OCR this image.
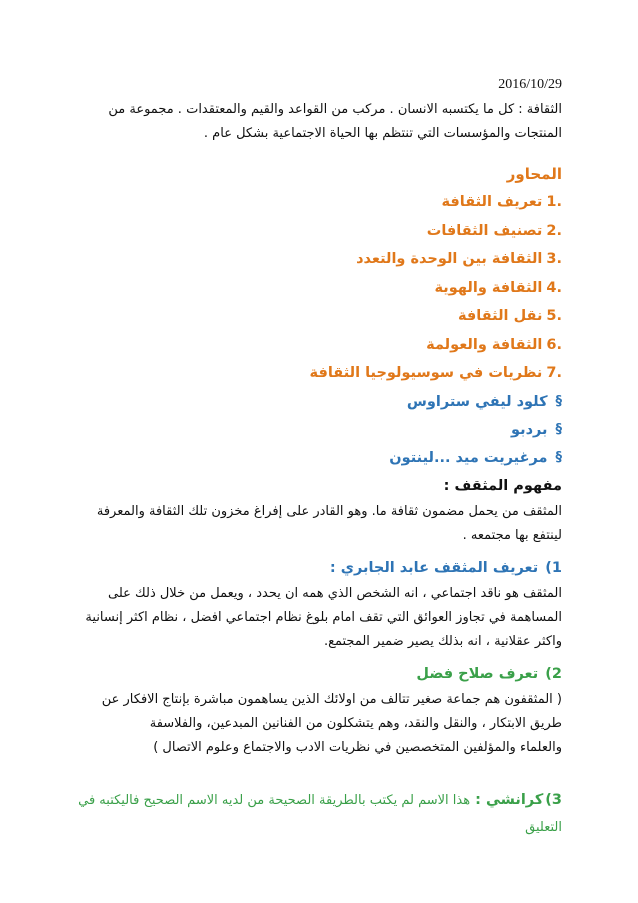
2016/10/29

الثقافة : كل ما يكتسبه الانسان . مركب من القواعد والقيم والمعتقدات . مجموعة من

المنتجات والمؤسسات التي تنتظم بها الحياة الاجتماعية بشكل عام .

المحاور

1.
تعريف الثقافة
2.
تصنيف الثقافات
3.
الثقافة بين الوحدة والتعدد
4.
الثقافة والهوية
5.
نقل الثقافة
6.
الثقافة والعولمة
7.
نظريات في سوسيولوجيا الثقافة
§
كلود ليفي ستراوس
§
بردبو
§
مرغيريت ميد ...لينتون

مفهوم المثقف :

المثقف من يحمل مضمون ثقافة ما. وهو القادر على إفراغ مخزون تلك الثقافة والمعرفة

لينتفع بها مجتمعه .

1) تعريف المثقف عابد الجابري :

المثقف هو ناقد اجتماعي ، انه الشخص الذي همه ان يحدد ، ويعمل من خلال ذلك على

المساهمة في تجاوز العوائق التي تقف امام بلوغ نظام اجتماعي افضل ، نظام اكثر إنسانية

واكثر عقلانية ، انه بذلك يصير ضمير المجتمع.

2) تعرف صلاح فضل

( المثقفون هم جماعة صغير تتالف من اولائك الذين يساهمون مباشرة بإنتاج الافكار عن

طريق الابتكار ، والنقل والنقد، وهم يتشكلون من الفنانين المبدعين، والفلاسفة

والعلماء والمؤلفين المتخصصين في نظريات الادب والاجتماع وعلوم الاتصال )

3)كرانشي : هذا الاسم لم يكتب بالطريقة الصحيحة من لديه الاسم الصحيح فاليكتبه في

التعليق
